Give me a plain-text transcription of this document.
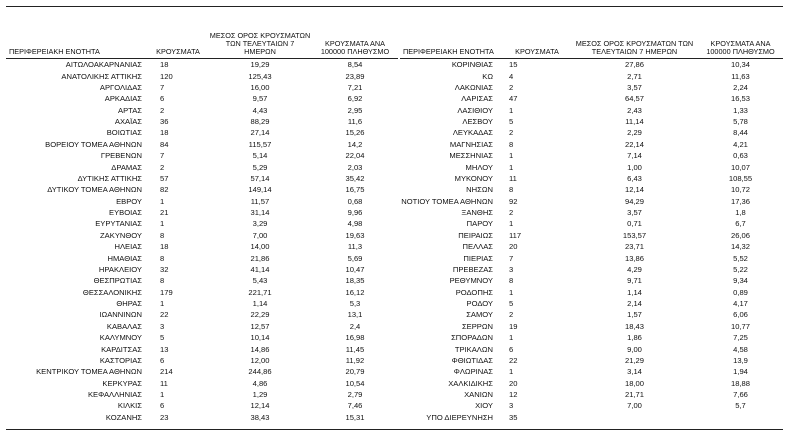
ΠΕΡΙΦΕΡΕΙΑΚΗ ΕΝΟΤΗΤΑ	ΚΡΟΥΣΜΑΤΑ	ΜΕΣΟΣ ΟΡΟΣ ΚΡΟΥΣΜΑΤΩΝ ΤΩΝ ΤΕΛΕΥΤΑΙΩΝ 7 ΗΜΕΡΩΝ	ΚΡΟΥΣΜΑΤΑ ΑΝΑ 100000 ΠΛΗΘΥΣΜΟ
ΑΙΤΩΛΟΑΚΑΡΝΑΝΙΑΣ	18	19,29	8,54
ΑΝΑΤΟΛΙΚΗΣ ΑΤΤΙΚΗΣ	120	125,43	23,89
ΑΡΓΟΛΙΔΑΣ	7	16,00	7,21
ΑΡΚΑΔΙΑΣ	6	9,57	6,92
ΑΡΤΑΣ	2	4,43	2,95
ΑΧΑΪΑΣ	36	88,29	11,6
ΒΟΙΩΤΙΑΣ	18	27,14	15,26
ΒΟΡΕΙΟΥ ΤΟΜΕΑ ΑΘΗΝΩΝ	84	115,57	14,2
ΓΡΕΒΕΝΩΝ	7	5,14	22,04
ΔΡΑΜΑΣ	2	5,29	2,03
ΔΥΤΙΚΗΣ ΑΤΤΙΚΗΣ	57	57,14	35,42
ΔΥΤΙΚΟΥ ΤΟΜΕΑ ΑΘΗΝΩΝ	82	149,14	16,75
ΕΒΡΟΥ	1	11,57	0,68
ΕΥΒΟΙΑΣ	21	31,14	9,96
ΕΥΡΥΤΑΝΙΑΣ	1	3,29	4,98
ΖΑΚΥΝΘΟΥ	8	7,00	19,63
ΗΛΕΙΑΣ	18	14,00	11,3
ΗΜΑΘΙΑΣ	8	21,86	5,69
ΗΡΑΚΛΕΙΟΥ	32	41,14	10,47
ΘΕΣΠΡΩΤΙΑΣ	8	5,43	18,35
ΘΕΣΣΑΛΟΝΙΚΗΣ	179	221,71	16,12
ΘΗΡΑΣ	1	1,14	5,3
ΙΩΑΝΝΙΝΩΝ	22	22,29	13,1
ΚΑΒΑΛΑΣ	3	12,57	2,4
ΚΑΛΥΜΝΟΥ	5	10,14	16,98
ΚΑΡΔΙΤΣΑΣ	13	14,86	11,45
ΚΑΣΤΟΡΙΑΣ	6	12,00	11,92
ΚΕΝΤΡΙΚΟΥ ΤΟΜΕΑ ΑΘΗΝΩΝ	214	244,86	20,79
ΚΕΡΚΥΡΑΣ	11	4,86	10,54
ΚΕΦΑΛΛΗΝΙΑΣ	1	1,29	2,79
ΚΙΛΚΙΣ	6	12,14	7,46
ΚΟΖΑΝΗΣ	23	38,43	15,31
ΠΕΡΙΦΕΡΕΙΑΚΗ ΕΝΟΤΗΤΑ	ΚΡΟΥΣΜΑΤΑ	ΜΕΣΟΣ ΟΡΟΣ ΚΡΟΥΣΜΑΤΩΝ ΤΩΝ ΤΕΛΕΥΤΑΙΩΝ 7 ΗΜΕΡΩΝ	ΚΡΟΥΣΜΑΤΑ ΑΝΑ 100000 ΠΛΗΘΥΣΜΟ
ΚΟΡΙΝΘΙΑΣ	15	27,86	10,34
ΚΩ	4	2,71	11,63
ΛΑΚΩΝΙΑΣ	2	3,57	2,24
ΛΑΡΙΣΑΣ	47	64,57	16,53
ΛΑΣΙΘΙΟΥ	1	2,43	1,33
ΛΕΣΒΟΥ	5	11,14	5,78
ΛΕΥΚΑΔΑΣ	2	2,29	8,44
ΜΑΓΝΗΣΙΑΣ	8	22,14	4,21
ΜΕΣΣΗΝΙΑΣ	1	7,14	0,63
ΜΗΛΟΥ	1	1,00	10,07
ΜΥΚΟΝΟΥ	11	6,43	108,55
ΝΗΣΩΝ	8	12,14	10,72
ΝΟΤΙΟΥ ΤΟΜΕΑ ΑΘΗΝΩΝ	92	94,29	17,36
ΞΑΝΘΗΣ	2	3,57	1,8
ΠΑΡΟΥ	1	0,71	6,7
ΠΕΙΡΑΙΩΣ	117	153,57	26,06
ΠΕΛΛΑΣ	20	23,71	14,32
ΠΙΕΡΙΑΣ	7	13,86	5,52
ΠΡΕΒΕΖΑΣ	3	4,29	5,22
ΡΕΘΥΜΝΟΥ	8	9,71	9,34
ΡΟΔΟΠΗΣ	1	1,14	0,89
ΡΟΔΟΥ	5	2,14	4,17
ΣΑΜΟΥ	2	1,57	6,06
ΣΕΡΡΩΝ	19	18,43	10,77
ΣΠΟΡΑΔΩΝ	1	1,86	7,25
ΤΡΙΚΑΛΩΝ	6	9,00	4,58
ΦΘΙΩΤΙΔΑΣ	22	21,29	13,9
ΦΛΩΡΙΝΑΣ	1	3,14	1,94
ΧΑΛΚΙΔΙΚΗΣ	20	18,00	18,88
ΧΑΝΙΩΝ	12	21,71	7,66
ΧΙΟΥ	3	7,00	5,7
ΥΠΟ ΔΙΕΡΕΥΝΗΣΗ	35		
